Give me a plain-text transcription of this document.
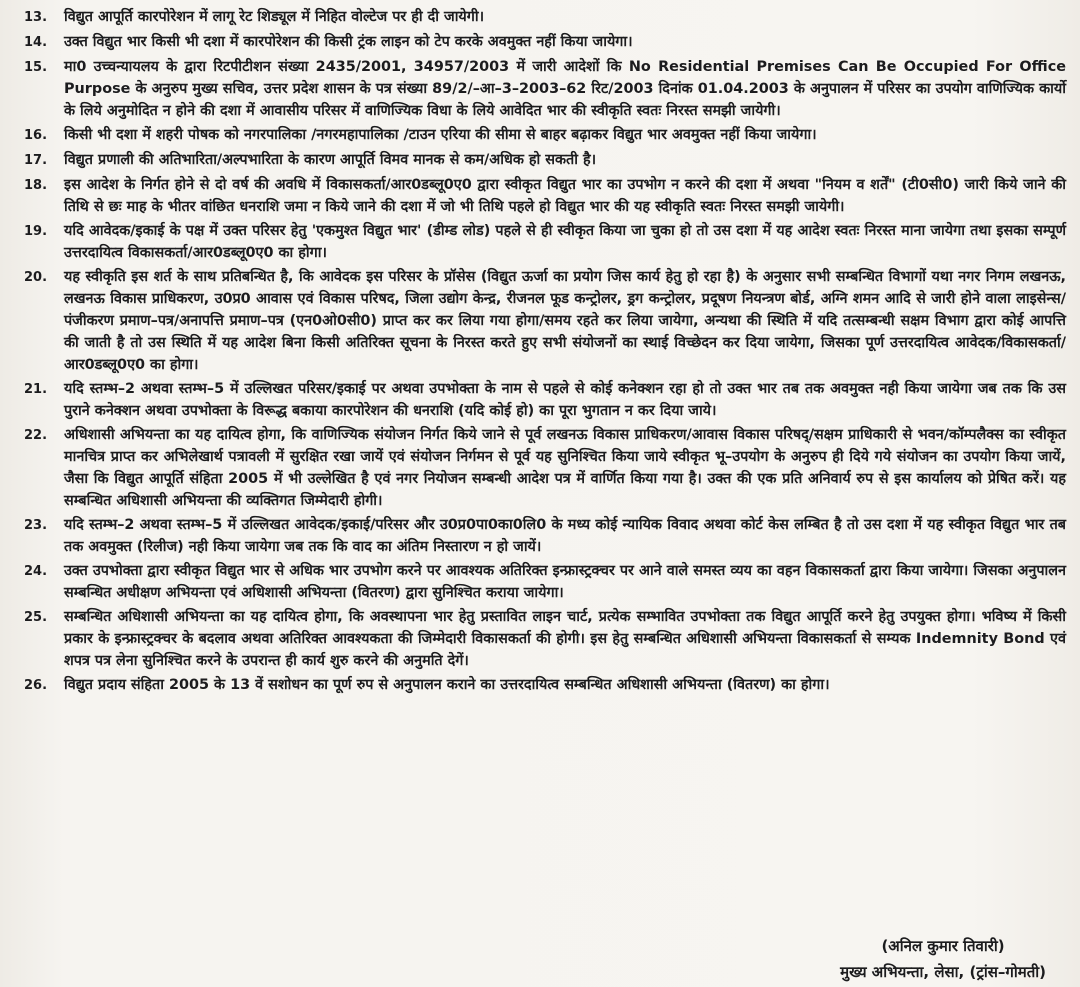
13.	विद्युत आपूर्ति कारपोरेशन में लागू रेट शिड्यूल में निहित वोल्टेज पर ही दी जायेगी।
14.	उक्त विद्युत भार किसी भी दशा में कारपोरेशन की किसी ट्रंक लाइन को टेप करके अवमुक्त नहीं किया जायेगा।
15.	मा0 उच्चन्यायलय के द्वारा रिटपीटीशन संख्या 2435/2001, 34957/2003 में जारी आदेशों कि No Residential Premises Can Be Occupied For Office Purpose के अनुरुप मुख्य सचिव, उत्तर प्रदेश शासन के पत्र संख्या 89/2/–आ–3–2003–62 रिट/2003 दिनांक 01.04.2003 के अनुपालन में परिसर का उपयोग वाणिज्यिक कार्यो के लिये अनुमोदित न होने की दशा में आवासीय परिसर में वाणिज्यिक विधा के लिये आवेदित भार की स्वीकृति स्वतः निरस्त समझी जायेगी।
16.	किसी भी दशा में शहरी पोषक को नगरपालिका /नगरमहापालिका /टाउन एरिया की सीमा से बाहर बढ़ाकर विद्युत भार अवमुक्त नहीं किया जायेगा।
17.	विद्युत प्रणाली की अतिभारिता/अल्पभारिता के कारण आपूर्ति विमव मानक से कम/अधिक हो सकती है।
18.	इस आदेश के निर्गत होने से दो वर्ष की अवधि में विकासकर्ता/आर0डब्लू0ए0 द्वारा स्वीकृत विद्युत भार का उपभोग न करने की दशा में अथवा "नियम व शर्तें" (टी0सी0) जारी किये जाने की तिथि से छः माह के भीतर वांछित धनराशि जमा न किये जाने की दशा में जो भी तिथि पहले हो विद्युत भार की यह स्वीकृति स्वतः निरस्त समझी जायेगी।
19.	यदि आवेदक/इकाई के पक्ष में उक्त परिसर हेतु 'एकमुश्त विद्युत भार' (डीम्ड लोड) पहले से ही स्वीकृत किया जा चुका हो तो उस दशा में यह आदेश स्वतः निरस्त माना जायेगा तथा इसका सम्पूर्ण उत्तरदायित्व विकासकर्ता/आर0डब्लू0ए0 का होगा।
20.	यह स्वीकृति इस शर्त के साथ प्रतिबन्धित है, कि आवेदक इस परिसर के प्रॉसेस (विद्युत ऊर्जा का प्रयोग जिस कार्य हेतु हो रहा है) के अनुसार सभी सम्बन्धित विभागों यथा नगर निगम लखनऊ, लखनऊ विकास प्राधिकरण, उ0प्र0 आवास एवं विकास परिषद, जिला उद्योग केन्द्र, रीजनल फूड कन्ट्रोलर, ड्रग कन्ट्रोलर, प्रदूषण नियन्त्रण बोर्ड, अग्नि शमन आदि से जारी होने वाला लाइसेन्स/पंजीकरण प्रमाण–पत्र/अनापत्ति प्रमाण–पत्र (एन0ओ0सी0) प्राप्त कर कर लिया गया होगा/समय रहते कर लिया जायेगा, अन्यथा की स्थिति में यदि तत्सम्बन्धी सक्षम विभाग द्वारा कोई आपत्ति की जाती है तो उस स्थिति में यह आदेश बिना किसी अतिरिक्त सूचना के निरस्त करते हुए सभी संयोजनों का स्थाई विच्छेदन कर दिया जायेगा, जिसका पूर्ण उत्तरदायित्व आवेदक/विकासकर्ता/आर0डब्लू0ए0 का होगा।
21.	यदि स्तम्भ–2 अथवा स्तम्भ–5 में उल्लिखत परिसर/इकाई पर अथवा उपभोक्ता के नाम से पहले से कोई कनेक्शन रहा हो तो उक्त भार तब तक अवमुक्त नही किया जायेगा जब तक कि उस पुराने कनेक्शन अथवा उपभोक्ता के विरूद्ध बकाया कारपोरेशन की धनराशि (यदि कोई हो) का पूरा भुगतान न कर दिया जाये।
22.	अधिशासी अभियन्ता का यह दायित्व होगा, कि वाणिज्यिक संयोजन निर्गत किये जाने से पूर्व लखनऊ विकास प्राधिकरण/आवास विकास परिषद्/सक्षम प्राधिकारी से भवन/कॉम्पलैक्स का स्वीकृत मानचित्र प्राप्त कर अभिलेखार्थ पत्रावली में सुरक्षित रखा जायें एवं संयोजन निर्गमन से पूर्व यह सुनिश्चित किया जाये स्वीकृत भू–उपयोग के अनुरुप ही दिये गये संयोजन का उपयोग किया जायें, जैसा कि विद्युत आपूर्ति संहिता 2005 में भी उल्लेखित है एवं नगर नियोजन सम्बन्धी आदेश पत्र में वार्णित किया गया है। उक्त की एक प्रति अनिवार्य रुप से इस कार्यालय को प्रेषित करें। यह सम्बन्धित अधिशासी अभियन्ता की व्यक्तिगत जिम्मेदारी होगी।
23.	यदि स्तम्भ–2 अथवा स्तम्भ–5 में उल्लिखत आवेदक/इकाई/परिसर और उ0प्र0पा0का0लि0 के मध्य कोई न्यायिक विवाद अथवा कोर्ट केस लम्बित है तो उस दशा में यह स्वीकृत विद्युत भार तब तक अवमुक्त (रिलीज) नही किया जायेगा जब तक कि वाद का अंतिम निस्तारण न हो जायें।
24.	उक्त उपभोक्ता द्वारा स्वीकृत विद्युत भार से अधिक भार उपभोग करने पर आवश्यक अतिरिक्त इन्फ्रास्ट्रक्चर पर आने वाले समस्त व्यय का वहन विकासकर्ता द्वारा किया जायेगा। जिसका अनुपालन सम्बन्धित अधीक्षण अभियन्ता एवं अधिशासी अभियन्ता (वितरण) द्वारा सुनिश्चित कराया जायेगा।
25.	सम्बन्धित अधिशासी अभियन्ता का यह दायित्व होगा, कि अवस्थापना भार हेतु प्रस्तावित लाइन चार्ट, प्रत्येक सम्भावित उपभोक्ता तक विद्युत आपूर्ति करने हेतु उपयुक्त होगा। भविष्य में किसी प्रकार के इन्फ्रास्ट्रक्चर के बदलाव अथवा अतिरिक्त आवश्यकता की जिम्मेदारी विकासकर्ता की होगी। इस हेतु सम्बन्धित अधिशासी अभियन्ता विकासकर्ता से सम्यक Indemnity Bond एवं शपत्र पत्र लेना सुनिश्चित करने के उपरान्त ही कार्य शुरु करने की अनुमति देगें।
26.	विद्युत प्रदाय संहिता 2005 के 13 वें सशोधन का पूर्ण रुप से अनुपालन कराने का उत्तरदायित्व सम्बन्धित अधिशासी अभियन्ता (वितरण) का होगा।
(अनिल कुमार तिवारी)
मुख्य अभियन्ता, लेसा, (ट्रांस–गोमती)
